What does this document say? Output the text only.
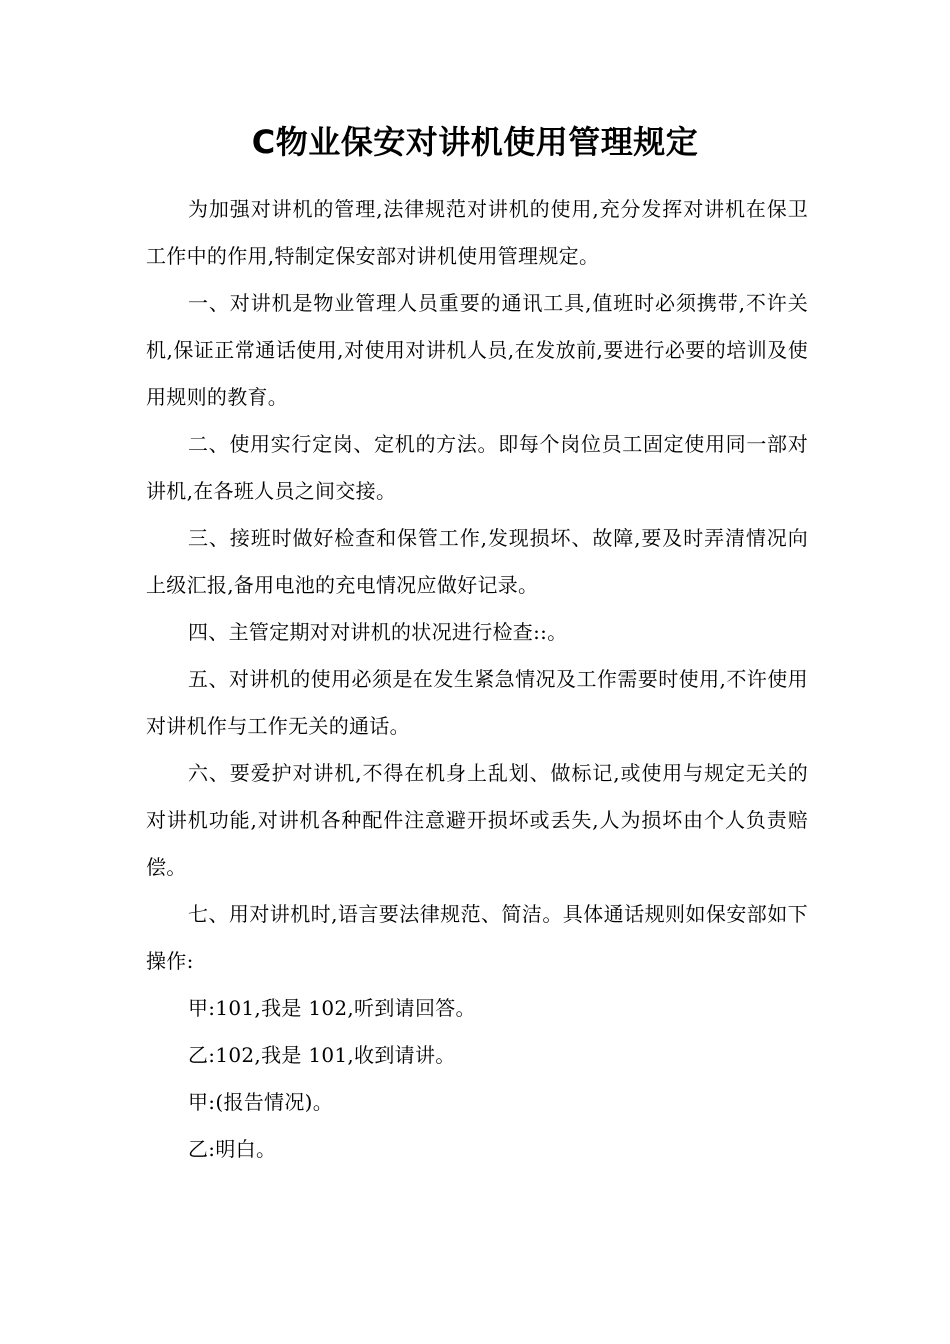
C物业保安对讲机使用管理规定

为加强对讲机的管理,法律规范对讲机的使用,充分发挥对讲机在保卫工作中的作用,特制定保安部对讲机使用管理规定。

一、对讲机是物业管理人员重要的通讯工具,值班时必须携带,不许关机,保证正常通话使用,对使用对讲机人员,在发放前,要进行必要的培训及使用规则的教育。

二、使用实行定岗、定机的方法。即每个岗位员工固定使用同一部对讲机,在各班人员之间交接。

三、接班时做好检查和保管工作,发现损坏、故障,要及时弄清情况向上级汇报,备用电池的充电情况应做好记录。

四、主管定期对对讲机的状况进行检查::。

五、对讲机的使用必须是在发生紧急情况及工作需要时使用,不许使用对讲机作与工作无关的通话。

六、要爱护对讲机,不得在机身上乱划、做标记,或使用与规定无关的对讲机功能,对讲机各种配件注意避开损坏或丢失,人为损坏由个人负责赔偿。

七、用对讲机时,语言要法律规范、简洁。具体通话规则如保安部如下操作:

甲:101,我是 102,听到请回答。

乙:102,我是 101,收到请讲。

甲:(报告情况)。

乙:明白。
